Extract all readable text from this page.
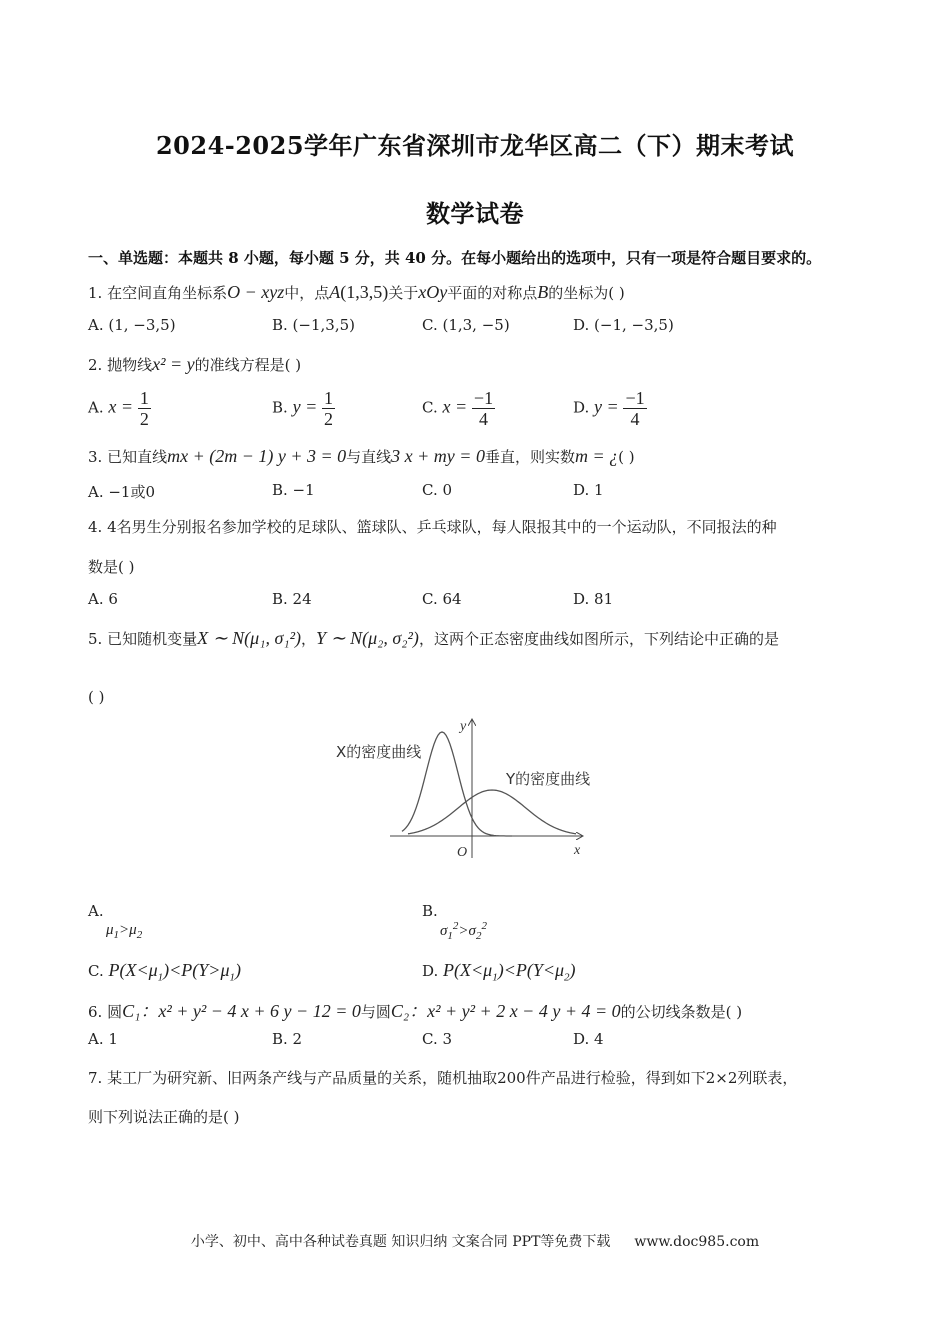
2024-2025学年广东省深圳市龙华区高二（下）期末考试
数学试卷
一、单选题：本题共 8 小题，每小题 5 分，共 40 分。在每小题给出的选项中，只有一项是符合题目要求的。
1. 在空间直角坐标系O − xyz中，点A(1,3,5)关于xOy平面的对称点B的坐标为( )
A. (1, −3,5)	B. (−1,3,5)	C. (1,3, −5)	D. (−1, −3,5)
2. 抛物线x² = y的准线方程是( )
A. $x = \frac{1}{2}$	B. $y = \frac{1}{2}$	C. $x = \frac{-1}{4}$	D. $y = \frac{-1}{4}$
3. 已知直线mx + (2m − 1) y + 3 = 0与直线3 x + my = 0垂直，则实数m = ¿( )
A. −1或0	B. −1	C. 0	D. 1
4. 4名男生分别报名参加学校的足球队、篮球队、乒乓球队，每人限报其中的一个运动队，不同报法的种
数是( )
A. 6	B. 24	C. 64	D. 81
5. 已知随机变量X ∼ N(μ₁, σ₁²)，Y ∼ N(μ₂, σ₂²)，这两个正态密度曲线如图所示，下列结论中正确的是
( )
X的密度曲线
Y的密度曲线
y
x
O
A.
$\mu_1>\mu_2$
B.
$\sigma_1^2>\sigma_2^2$
C. $P(X<\mu_1)<P(Y>\mu_1)$	D. $P(X<\mu_1)<P(Y<\mu_2)$
6. 圆C₁：x² + y² − 4 x + 6 y − 12 = 0与圆C₂：x² + y² + 2 x − 4 y + 4 = 0的公切线条数是( )
A. 1	B. 2	C. 3	D. 4
7. 某工厂为研究新、旧两条产线与产品质量的关系，随机抽取200件产品进行检验，得到如下2×2列联表，
则下列说法正确的是( )
小学、初中、高中各种试卷真题 知识归纳 文案合同 PPT等免费下载 www.doc985.com
